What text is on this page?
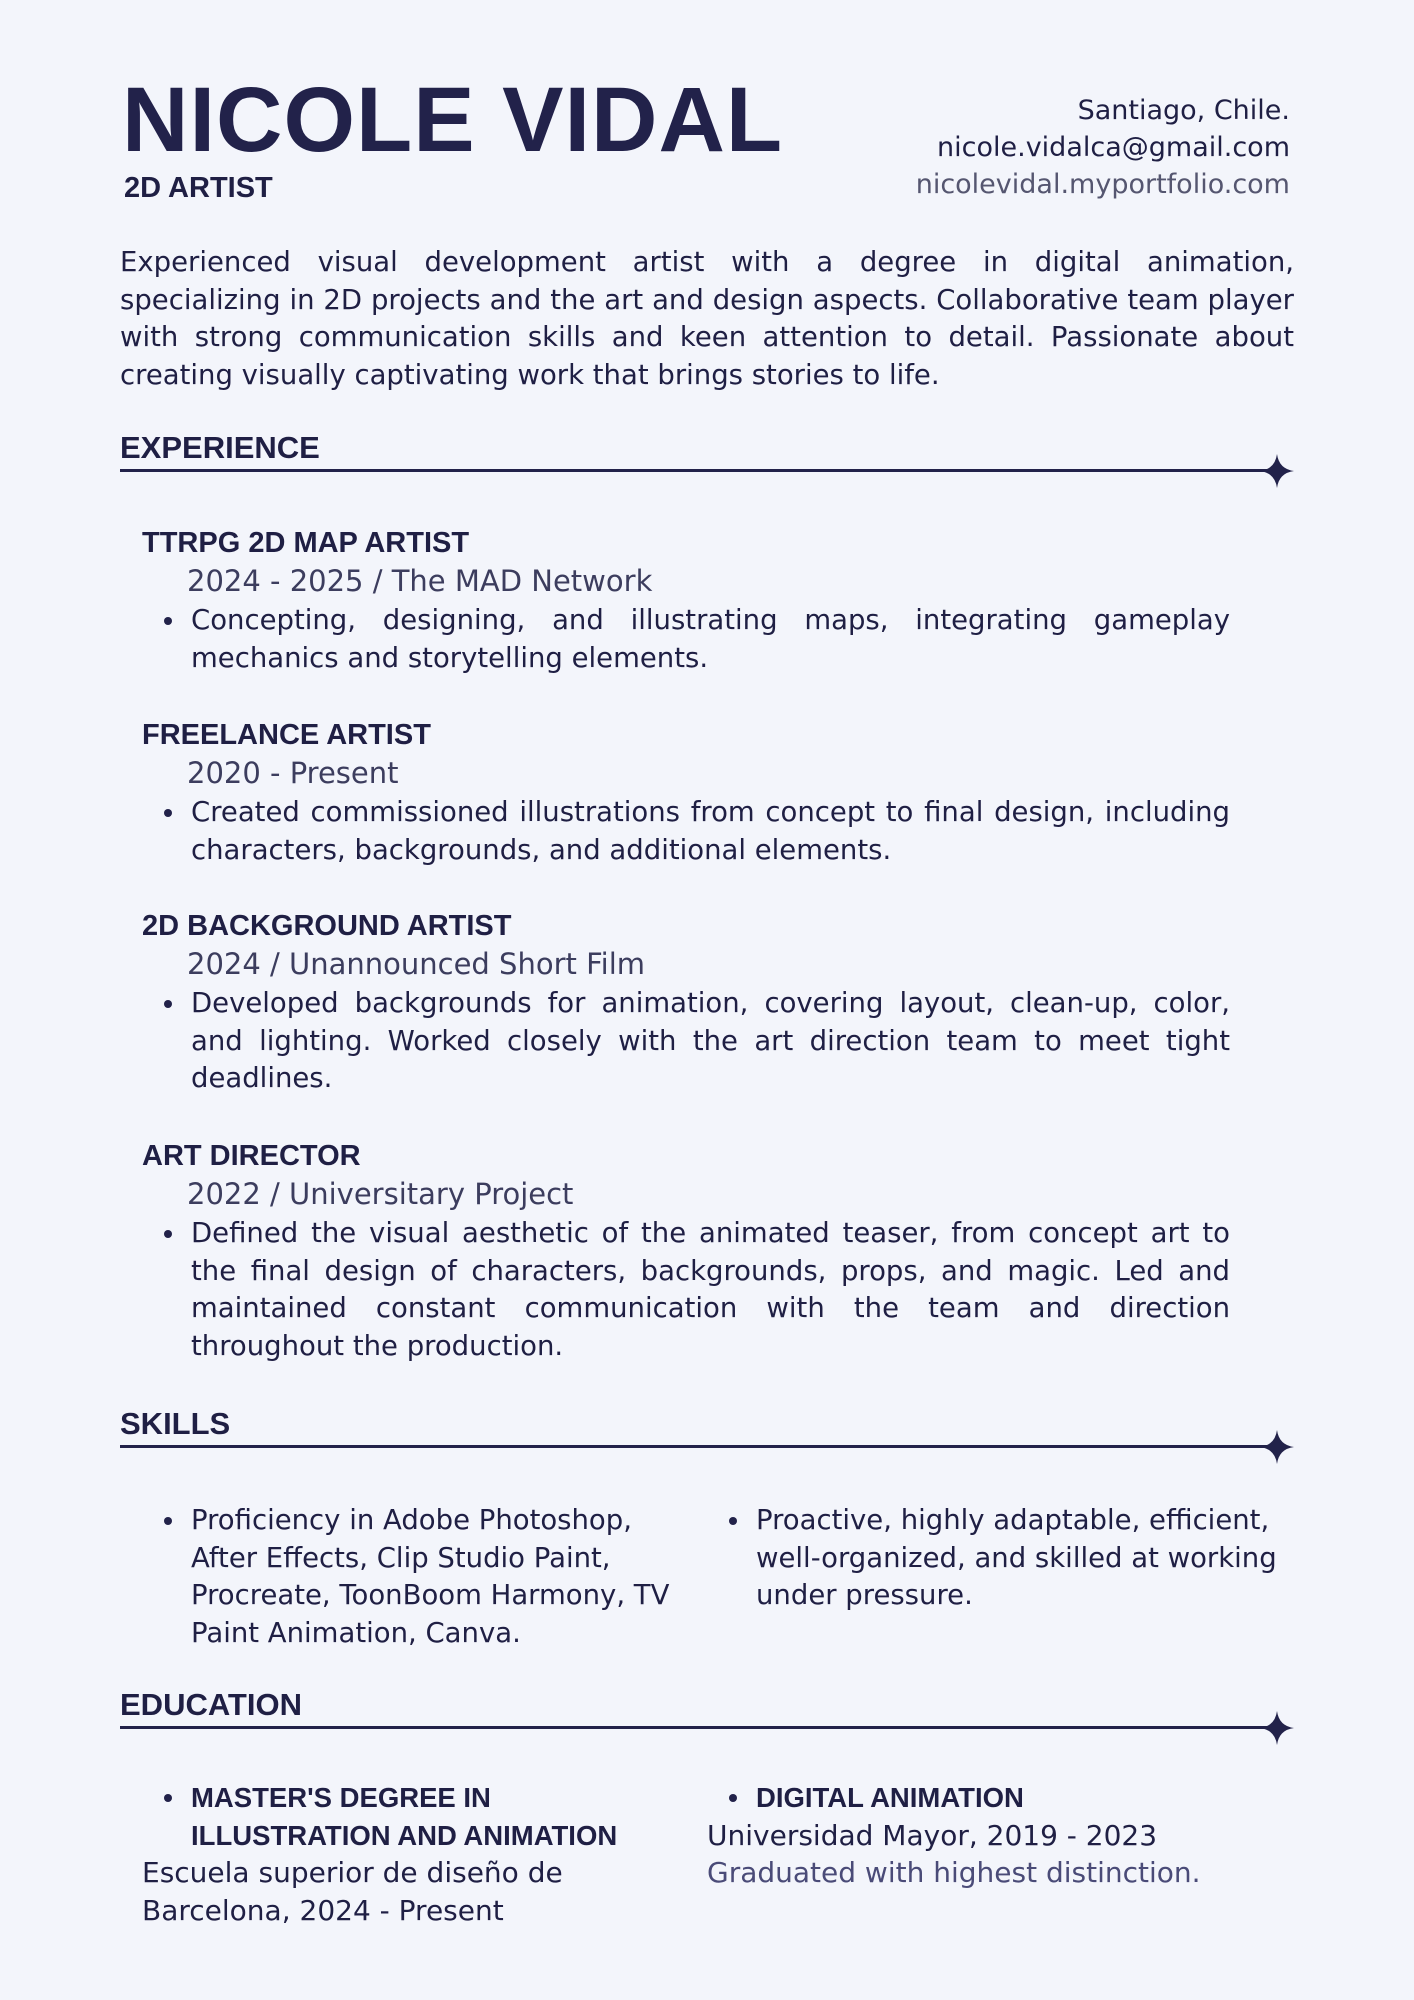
NICOLE VIDAL
2D ARTIST
Santiago, Chile.
nicole.vidalca@gmail.com
nicolevidal.myportfolio.com

Experienced visual development artist with a degree in digital animation, specializing in 2D projects and the art and design aspects. Collaborative team player with strong communication skills and keen attention to detail. Passionate about creating visually captivating work that brings stories to life.

EXPERIENCE
TTRPG 2D MAP ARTIST
2024 - 2025 / The MAD Network
Concepting, designing, and illustrating maps, integrating gameplay mechanics and storytelling elements.
FREELANCE ARTIST
2020 - Present
Created commissioned illustrations from concept to final design, including characters, backgrounds, and additional elements.
2D BACKGROUND ARTIST
2024 / Unannounced Short Film
Developed backgrounds for animation, covering layout, clean-up, color, and lighting. Worked closely with the art direction team to meet tight deadlines.
ART DIRECTOR
2022 / Universitary Project
Defined the visual aesthetic of the animated teaser, from concept art to the final design of characters, backgrounds, props, and magic. Led and maintained constant communication with the team and direction throughout the production.
SKILLS
Proficiency in Adobe Photoshop, After Effects, Clip Studio Paint, Procreate, ToonBoom Harmony, TV Paint Animation, Canva.
Proactive, highly adaptable, efficient, well-organized, and skilled at working under pressure.
EDUCATION
MASTER'S DEGREE IN ILLUSTRATION AND ANIMATION
Escuela superior de diseño de Barcelona, 2024 - Present
DIGITAL ANIMATION
Universidad Mayor, 2019 - 2023
Graduated with highest distinction.
